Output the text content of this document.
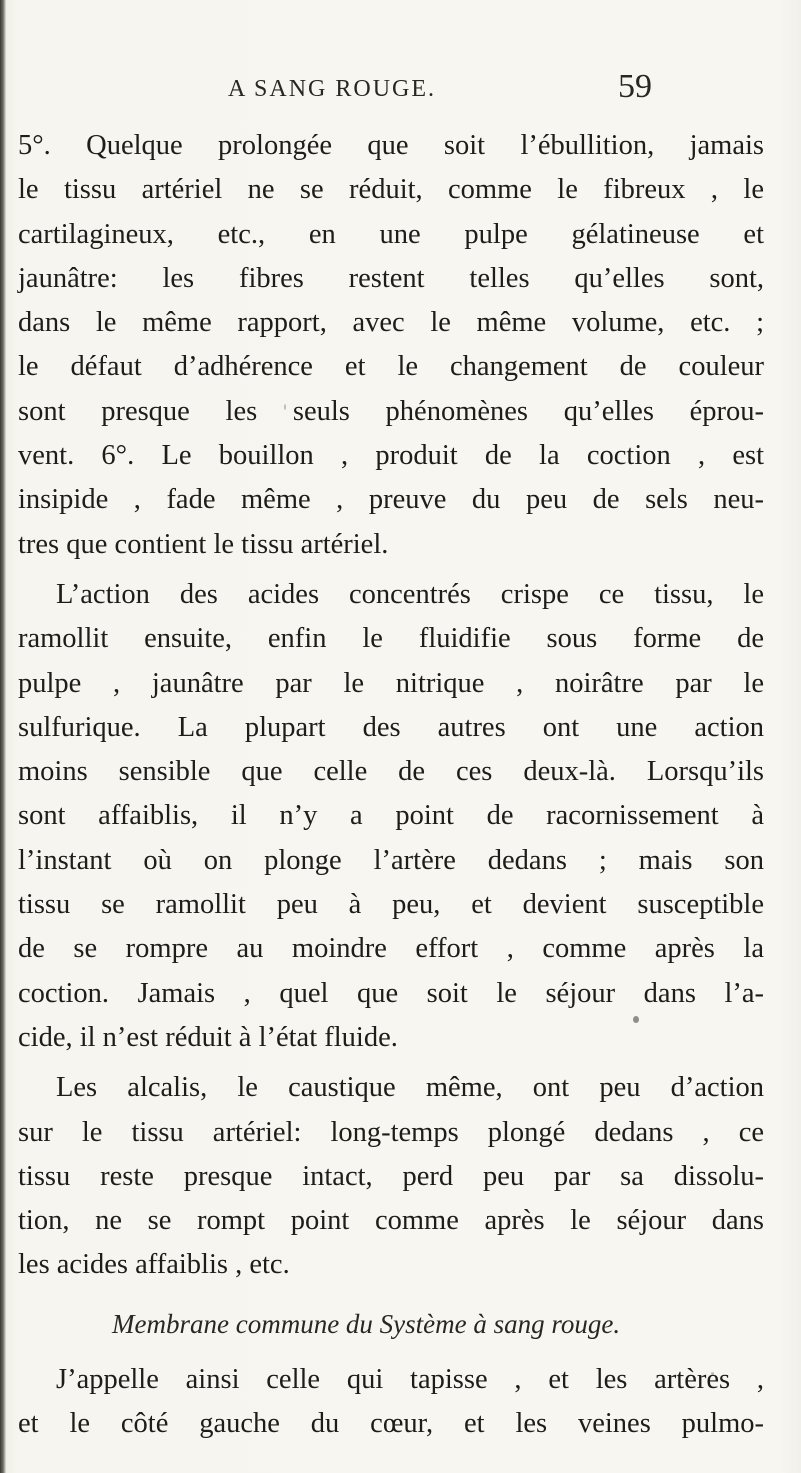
A SANG ROUGE.	59
5°. Quelque prolongée que soit l’ébullition, jamais
le tissu artériel ne se réduit, comme le fibreux , le
cartilagineux, etc., en une pulpe gélatineuse et
jaunâtre: les fibres restent telles qu’elles sont,
dans le même rapport, avec le même volume, etc. ;
le défaut d’adhérence et le changement de couleur
sont presque les seuls phénomènes qu’elles éprou-
vent. 6°. Le bouillon , produit de la coction , est
insipide , fade même , preuve du peu de sels neu-
tres que contient le tissu artériel.
L’action des acides concentrés crispe ce tissu, le
ramollit ensuite, enfin le fluidifie sous forme de
pulpe , jaunâtre par le nitrique , noirâtre par le
sulfurique. La plupart des autres ont une action
moins sensible que celle de ces deux-là. Lorsqu’ils
sont affaiblis, il n’y a point de racornissement à
l’instant où on plonge l’artère dedans ; mais son
tissu se ramollit peu à peu, et devient susceptible
de se rompre au moindre effort , comme après la
coction. Jamais , quel que soit le séjour dans l’a-
cide, il n’est réduit à l’état fluide.
Les alcalis, le caustique même, ont peu d’action
sur le tissu artériel: long-temps plongé dedans , ce
tissu reste presque intact, perd peu par sa dissolu-
tion, ne se rompt point comme après le séjour dans
les acides affaiblis , etc.
Membrane commune du Système à sang rouge.
J’appelle ainsi celle qui tapisse , et les artères ,
et le côté gauche du cœur, et les veines pulmo-
